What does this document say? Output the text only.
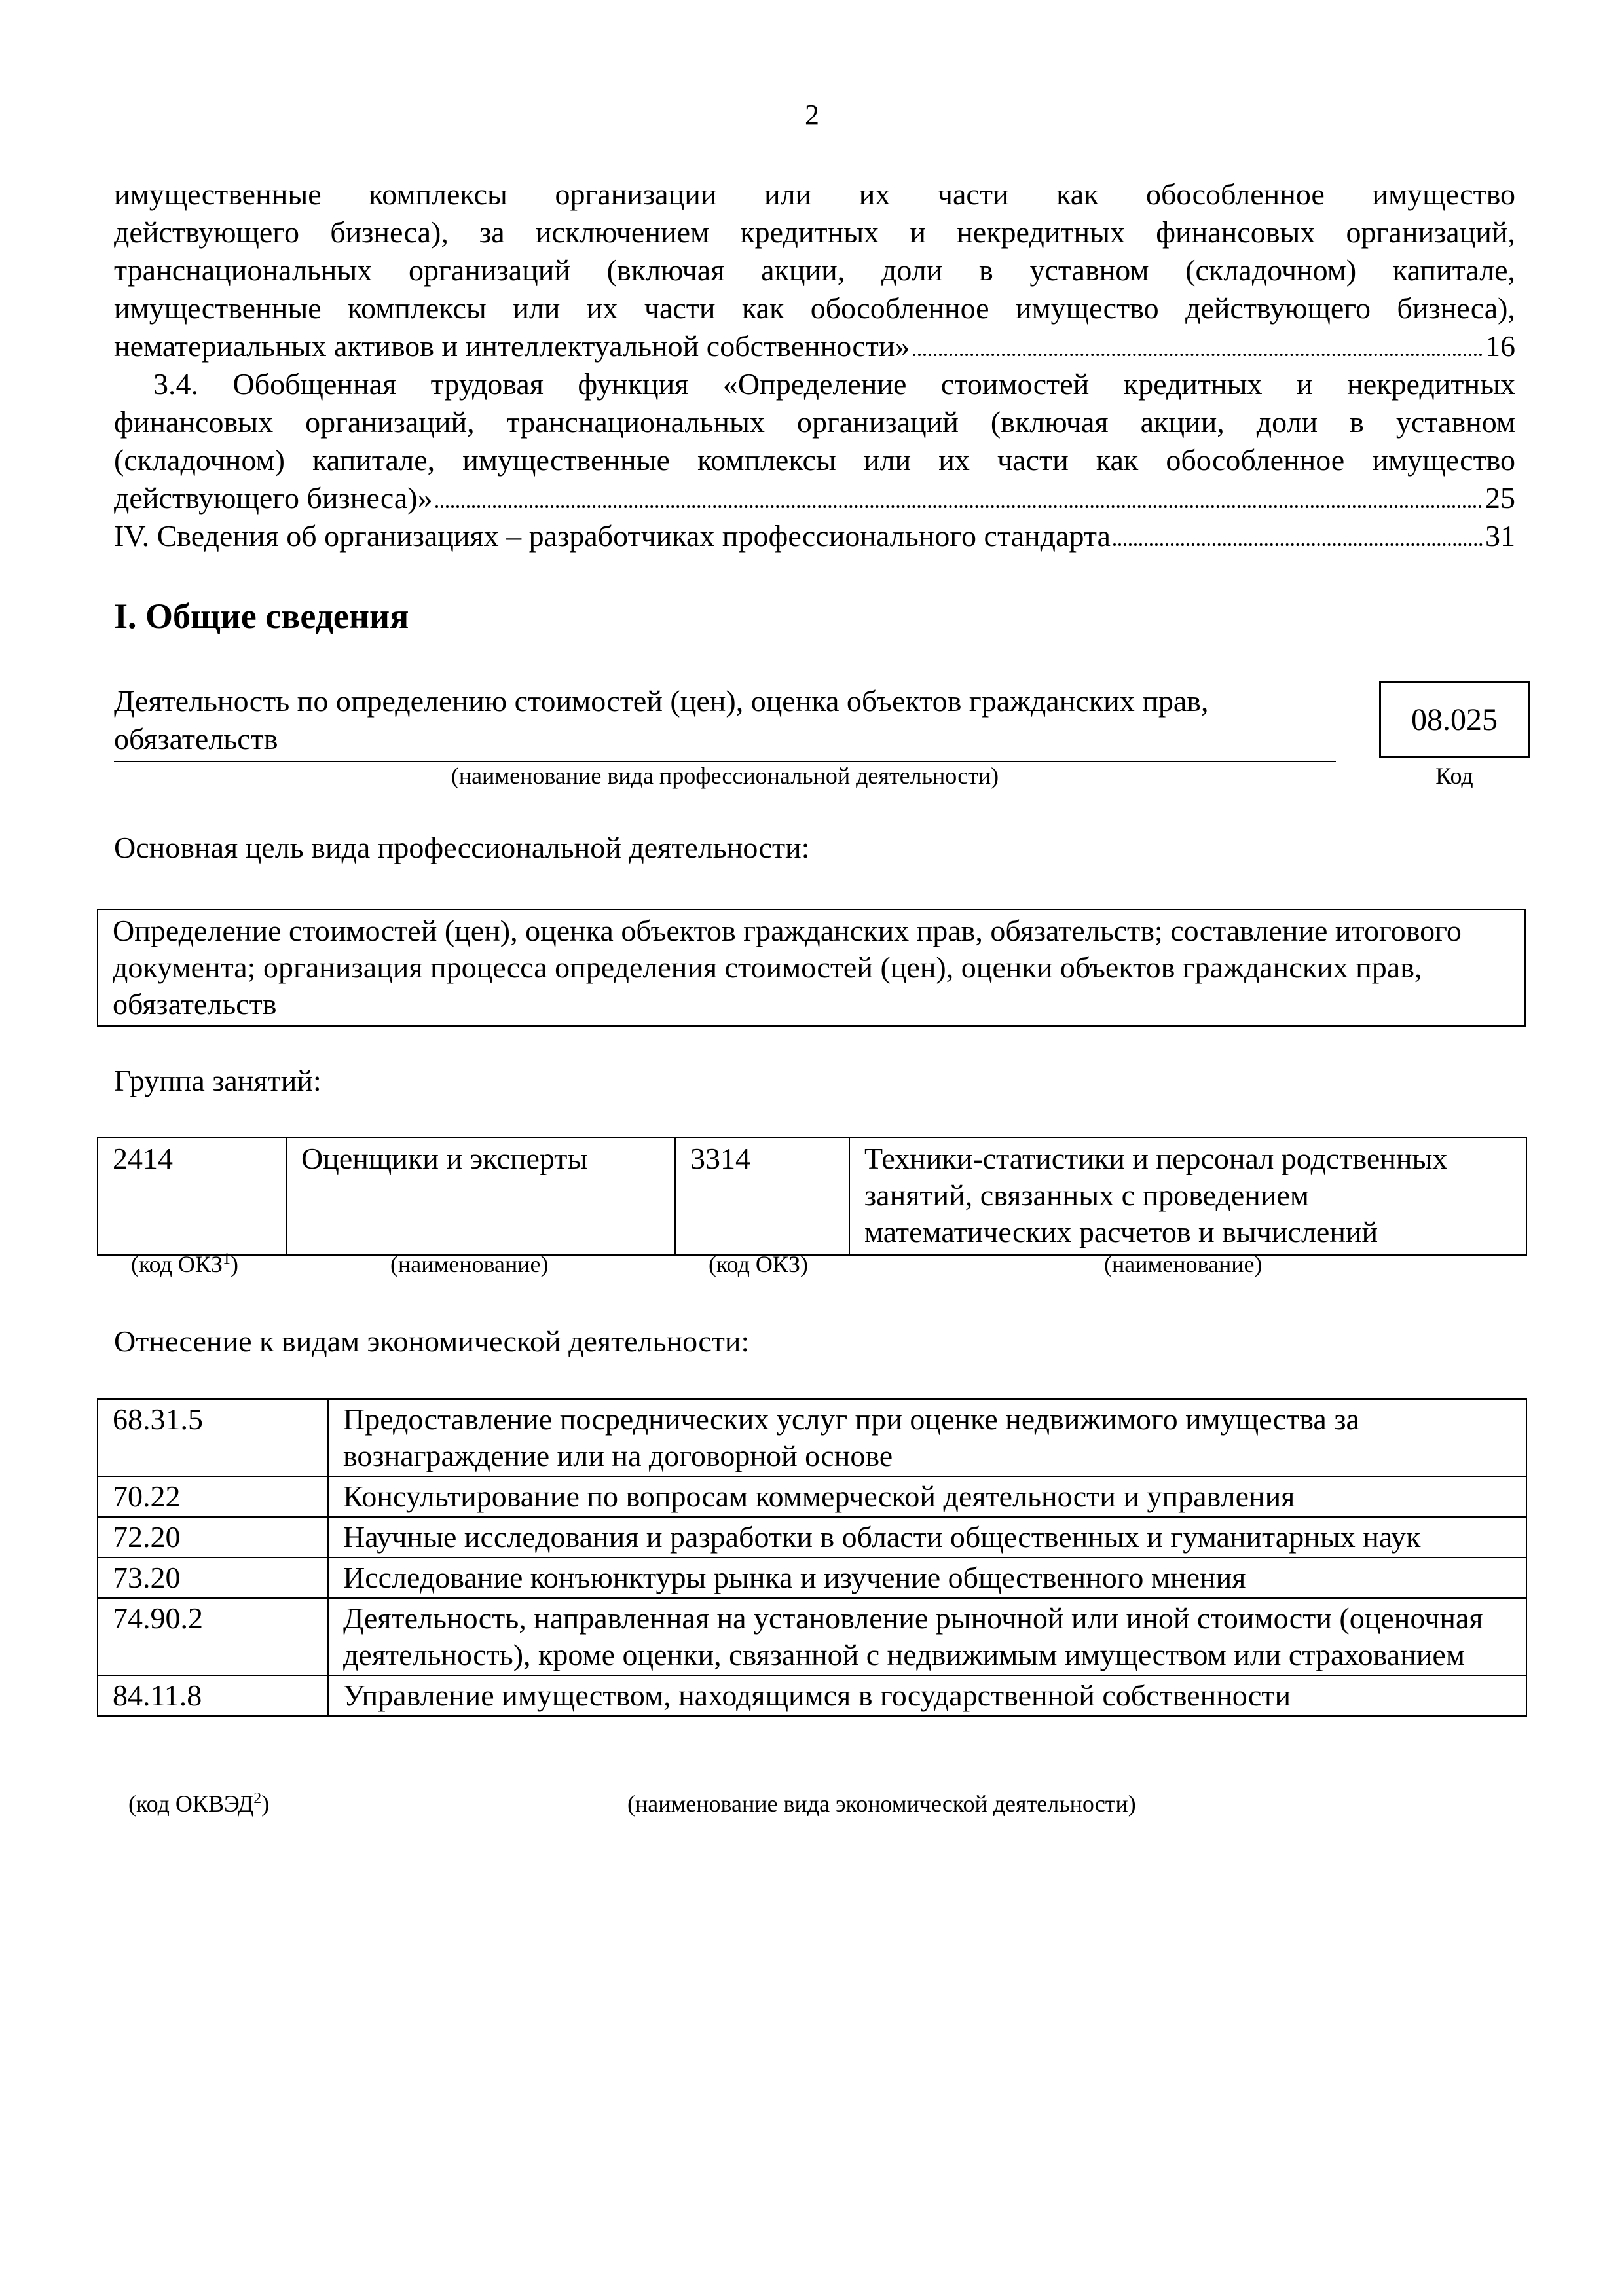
2
имущественные комплексы организации или их части как обособленное имущество
действующего бизнеса), за исключением кредитных и некредитных финансовых организаций,
транснациональных организаций (включая акции, доли в уставном (складочном) капитале,
имущественные комплексы или их части как обособленное имущество действующего бизнеса),
нематериальных активов и интеллектуальной собственности»	16
3.4. Обобщенная трудовая функция «Определение стоимостей кредитных и некредитных
финансовых организаций, транснациональных организаций (включая акции, доли в уставном
(складочном) капитале, имущественные комплексы или их части как обособленное имущество
действующего бизнеса)»	25
IV. Сведения об организациях – разработчиках профессионального стандарта	31
I. Общие сведения
Деятельность по определению стоимостей (цен), оценка объектов гражданских прав, обязательств
(наименование вида профессиональной деятельности)
08.025
Код
Основная цель вида профессиональной деятельности:
Определение стоимостей (цен), оценка объектов гражданских прав, обязательств; составление итогового документа; организация процесса определения стоимостей (цен), оценки объектов гражданских прав, обязательств
Группа занятий:
2414	Оценщики и эксперты	3314	Техники-статистики и персонал родственных занятий, связанных с проведением математических расчетов и вычислений
(код ОКЗ$^1$)	(наименование)	(код ОКЗ)	(наименование)
Отнесение к видам экономической деятельности:
68.31.5	Предоставление посреднических услуг при оценке недвижимого имущества за вознаграждение или на договорной основе
70.22	Консультирование по вопросам коммерческой деятельности и управления
72.20	Научные исследования и разработки в области общественных и гуманитарных наук
73.20	Исследование конъюнктуры рынка и изучение общественного мнения
74.90.2	Деятельность, направленная на установление рыночной или иной стоимости (оценочная деятельность), кроме оценки, связанной с недвижимым имуществом или страхованием
84.11.8	Управление имуществом, находящимся в государственной собственности
(код ОКВЭД$^2$)	(наименование вида экономической деятельности)
